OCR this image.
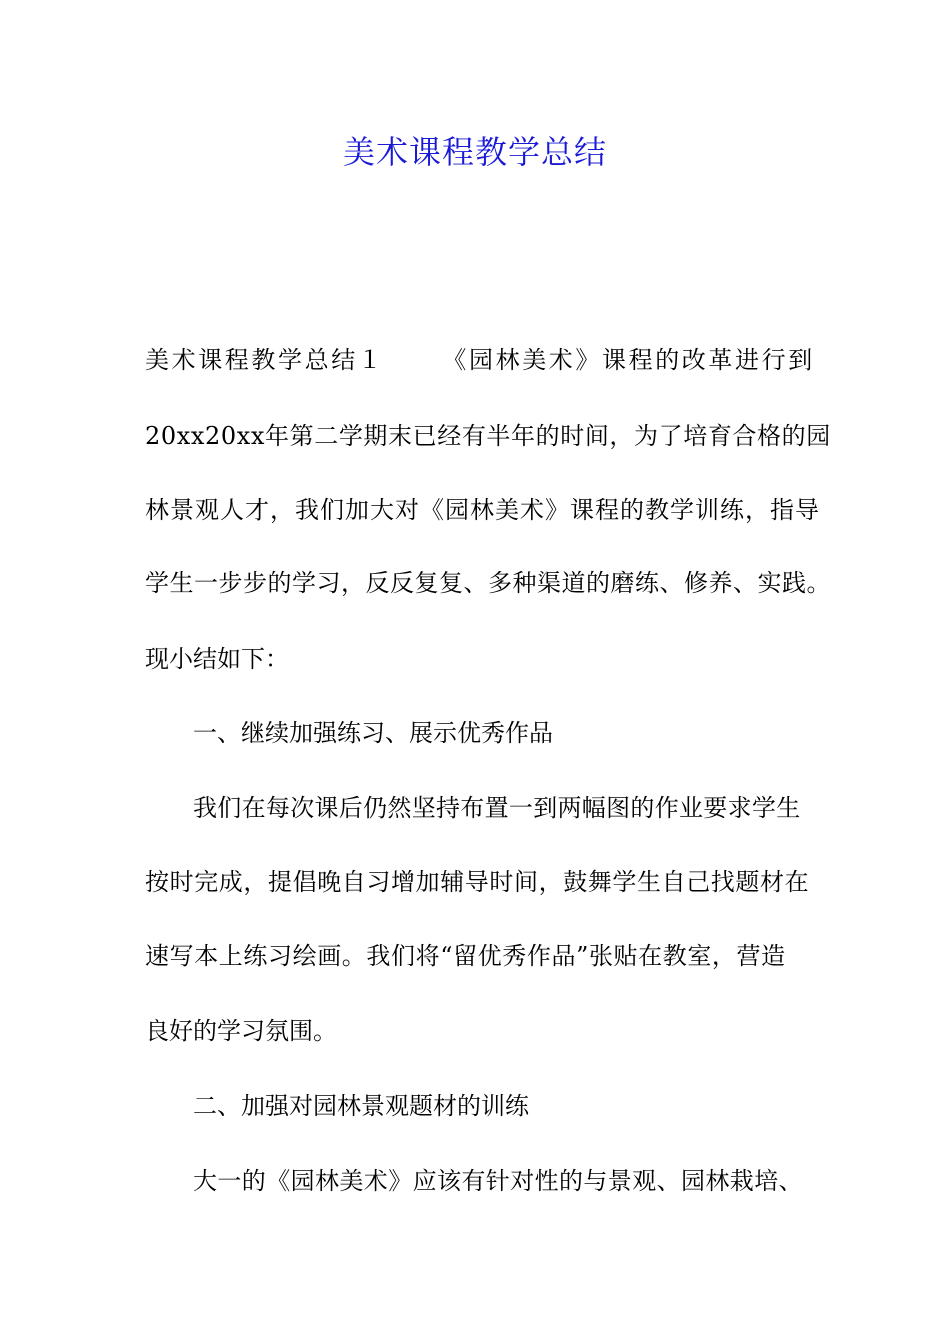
美术课程教学总结
美术课程教学总结１ 《园林美术》课程的改革进行到
20xx20xx年第二学期末已经有半年的时间，为了培育合格的园
林景观人才，我们加大对《园林美术》课程的教学训练，指导
学生一步步的学习，反反复复、多种渠道的磨练、修养、实践。
现小结如下：
一、继续加强练习、展示优秀作品
我们在每次课后仍然坚持布置一到两幅图的作业要求学生
按时完成，提倡晚自习增加辅导时间，鼓舞学生自己找题材在
速写本上练习绘画。我们将“留优秀作品”张贴在教室，营造
良好的学习氛围。
二、加强对园林景观题材的训练
大一的《园林美术》应该有针对性的与景观、园林栽培、
